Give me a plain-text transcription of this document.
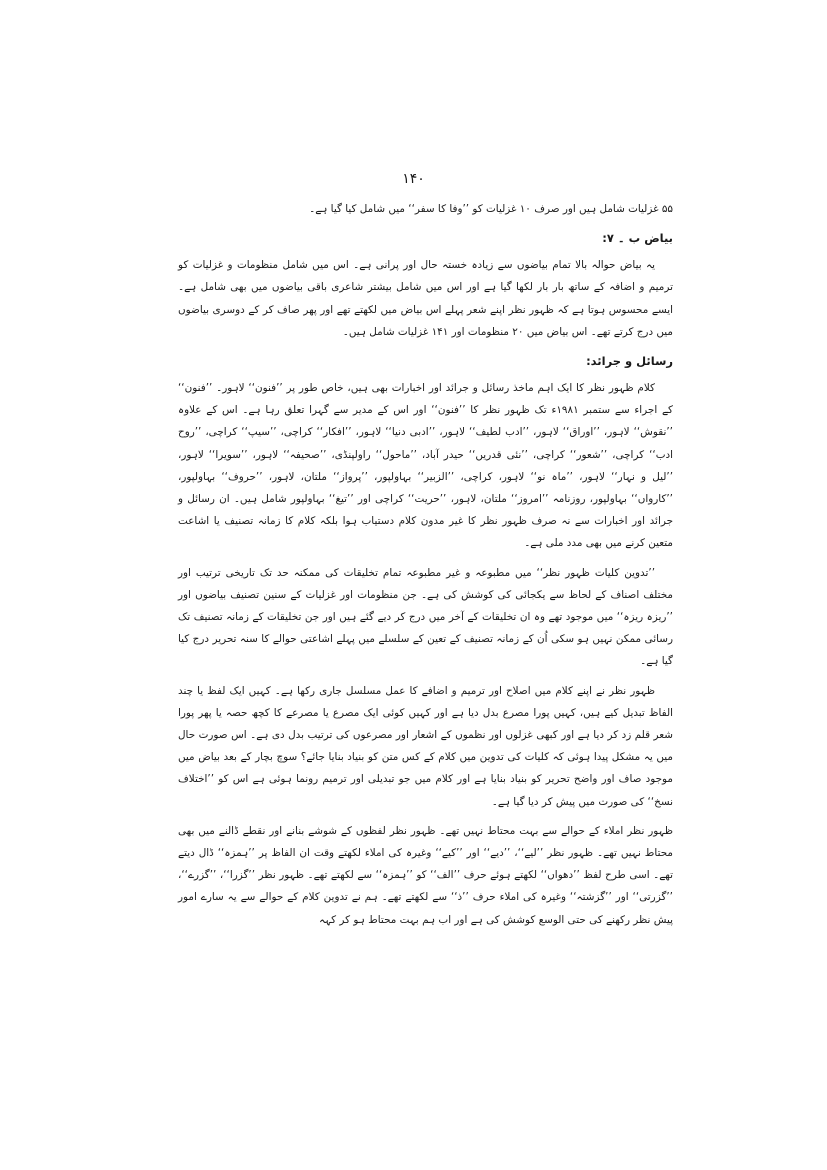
۱۴۰

۵۵ غزلیات شامل ہیں اور صرف ۱۰ غزلیات کو ’’وفا کا سفر‘‘ میں شامل کیا گیا ہے۔

بیاض ب ۔ ۷:

یہ بیاض حوالہ بالا تمام بیاضوں سے زیادہ خستہ حال اور پرانی ہے۔ اس میں شامل منظومات و غزلیات کو ترمیم و اضافہ کے ساتھ بار بار لکھا گیا ہے اور اس میں شامل بیشتر شاعری باقی بیاضوں میں بھی شامل ہے۔ ایسے محسوس ہوتا ہے کہ ظہور نظر اپنے شعر پہلے اس بیاض میں لکھتے تھے اور پھر صاف کر کے دوسری بیاضوں میں درج کرتے تھے۔ اس بیاض میں ۲۰ منظومات اور ۱۴۱ غزلیات شامل ہیں۔

رسائل و جرائد:

کلام ظہور نظر کا ایک اہم ماخذ رسائل و جرائد اور اخبارات بھی ہیں، خاص طور پر ’’فنون‘‘ لاہور۔ ’’فنون‘‘ کے اجراء سے ستمبر ۱۹۸۱ء تک ظہور نظر کا ’’فنون‘‘ اور اس کے مدیر سے گہرا تعلق رہا ہے۔ اس کے علاوہ ’’نقوش‘‘ لاہور، ’’اوراق‘‘ لاہور، ’’ادب لطیف‘‘ لاہور، ’’ادبی دنیا‘‘ لاہور، ’’افکار‘‘ کراچی، ’’سیپ‘‘ کراچی، ’’روح ادب‘‘ کراچی، ’’شعور‘‘ کراچی، ’’نئی قدریں‘‘ حیدر آباد، ’’ماحول‘‘ راولپنڈی، ’’صحیفہ‘‘ لاہور، ’’سویرا‘‘ لاہور، ’’لیل و نہار‘‘ لاہور، ’’ماہ نو‘‘ لاہور، کراچی، ’’الزبیر‘‘ بہاولپور، ’’پرواز‘‘ ملتان، لاہور، ’’حروف‘‘ بہاولپور، ’’کارواں‘‘ بہاولپور، روزنامہ ’’امروز‘‘ ملتان، لاہور، ’’حریت‘‘ کراچی اور ’’تیغ‘‘ بہاولپور شامل ہیں۔ ان رسائل و جرائد اور اخبارات سے نہ صرف ظہور نظر کا غیر مدون کلام دستیاب ہوا بلکہ کلام کا زمانہ تصنیف یا اشاعت متعین کرنے میں بھی مدد ملی ہے۔

’’تدوین کلیات ظہور نظر‘‘ میں مطبوعہ و غیر مطبوعہ تمام تخلیقات کی ممکنہ حد تک تاریخی ترتیب اور مختلف اصناف کے لحاظ سے یکجائی کی کوشش کی ہے۔ جن منظومات اور غزلیات کے سنین تصنیف بیاضوں اور ’’ریزہ ریزہ‘‘ میں موجود تھے وہ ان تخلیقات کے آخر میں درج کر دیے گئے ہیں اور جن تخلیقات کے زمانہ تصنیف تک رسائی ممکن نہیں ہو سکی اُن کے زمانہ تصنیف کے تعین کے سلسلے میں پہلے اشاعتی حوالے کا سنہ تحریر درج کیا گیا ہے۔

ظہور نظر نے اپنے کلام میں اصلاح اور ترمیم و اضافے کا عمل مسلسل جاری رکھا ہے۔ کہیں ایک لفظ یا چند الفاظ تبدیل کیے ہیں، کہیں پورا مصرع بدل دیا ہے اور کہیں کوئی ایک مصرع یا مصرعے کا کچھ حصہ یا پھر پورا شعر قلم زد کر دیا ہے اور کبھی غزلوں اور نظموں کے اشعار اور مصرعوں کی ترتیب بدل دی ہے۔ اس صورت حال میں یہ مشکل پیدا ہوئی کہ کلیات کی تدوین میں کلام کے کس متن کو بنیاد بنایا جائے؟ سوچ بچار کے بعد بیاض میں موجود صاف اور واضح تحریر کو بنیاد بنایا ہے اور کلام میں جو تبدیلی اور ترمیم رونما ہوئی ہے اس کو ’’اختلاف نسخ‘‘ کی صورت میں پیش کر دیا گیا ہے۔

ظہور نظر املاء کے حوالے سے بہت محتاط نہیں تھے۔ ظہور نظر لفظوں کے شوشے بنانے اور نقطے ڈالنے میں بھی محتاط نہیں تھے۔ ظہور نظر ’’لیے‘‘، ’’دیے‘‘ اور ’’کیے‘‘ وغیرہ کی املاء لکھتے وقت ان الفاظ پر ’’ہمزہ‘‘ ڈال دیتے تھے۔ اسی طرح لفظ ’’دھواں‘‘ لکھتے ہوئے حرف ’’الف‘‘ کو ’’ہمزہ‘‘ سے لکھتے تھے۔ ظہور نظر ’’گزرا‘‘، ’’گزرے‘‘، ’’گزرتی‘‘ اور ’’گزشتہ‘‘ وغیرہ کی املاء حرف ’’ذ‘‘ سے لکھتے تھے۔ ہم نے تدوین کلام کے حوالے سے یہ سارے امور پیش نظر رکھنے کی حتی الوسع کوشش کی ہے اور اب ہم بہت محتاط ہو کر کہہ
